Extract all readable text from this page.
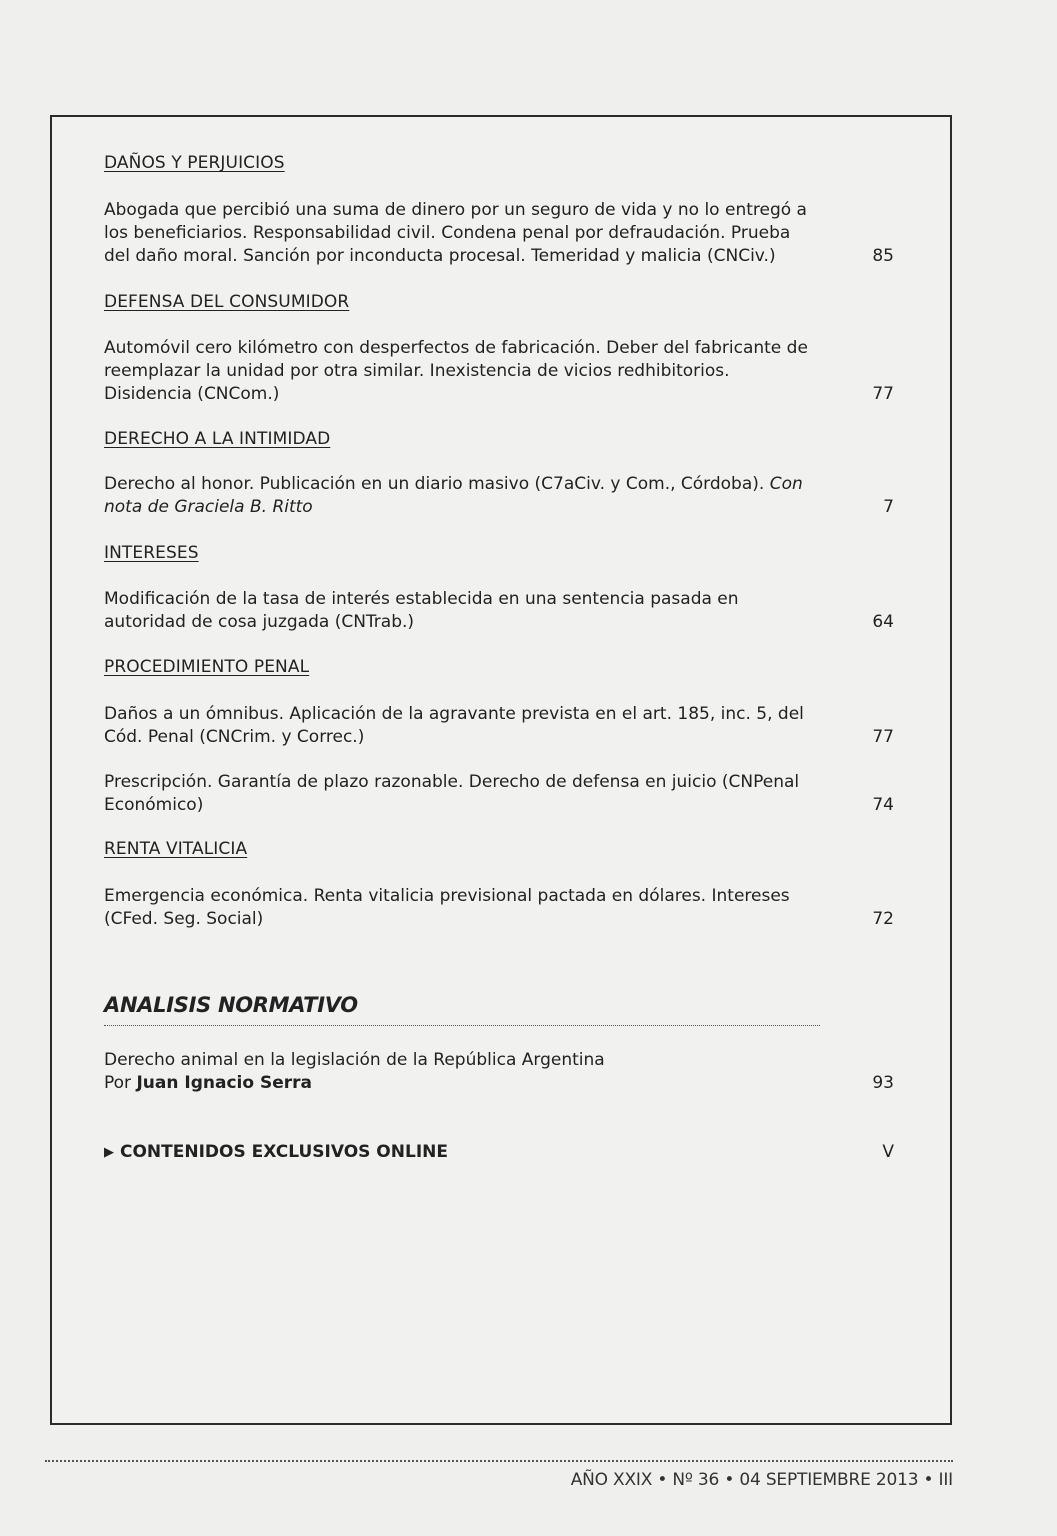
DAÑOS Y PERJUICIOS
Abogada que percibió una suma de dinero por un seguro de vida y no lo entregó a los beneficiarios. Responsabilidad civil. Condena penal por defraudación. Prueba del daño moral. Sanción por inconducta procesal. Temeridad y malicia (CNCiv.)	85
DEFENSA DEL CONSUMIDOR
Automóvil cero kilómetro con desperfectos de fabricación. Deber del fabricante de reemplazar la unidad por otra similar. Inexistencia de vicios redhibitorios. Disidencia (CNCom.)	77
DERECHO A LA INTIMIDAD
Derecho al honor. Publicación en un diario masivo (C7aCiv. y Com., Córdoba). Con nota de Graciela B. Ritto	7
INTERESES
Modificación de la tasa de interés establecida en una sentencia pasada en autoridad de cosa juzgada (CNTrab.)	64
PROCEDIMIENTO PENAL
Daños a un ómnibus. Aplicación de la agravante prevista en el art. 185, inc. 5, del Cód. Penal (CNCrim. y Correc.)	77
Prescripción. Garantía de plazo razonable. Derecho de defensa en juicio (CNPenal Económico)	74
RENTA VITALICIA
Emergencia económica. Renta vitalicia previsional pactada en dólares. Intereses (CFed. Seg. Social)	72
ANALISIS NORMATIVO
Derecho animal en la legislación de la República Argentina
Por Juan Ignacio Serra	93
▶ CONTENIDOS EXCLUSIVOS ONLINE	V
AÑO XXIX • Nº 36 • 04 SEPTIEMBRE 2013 • III
